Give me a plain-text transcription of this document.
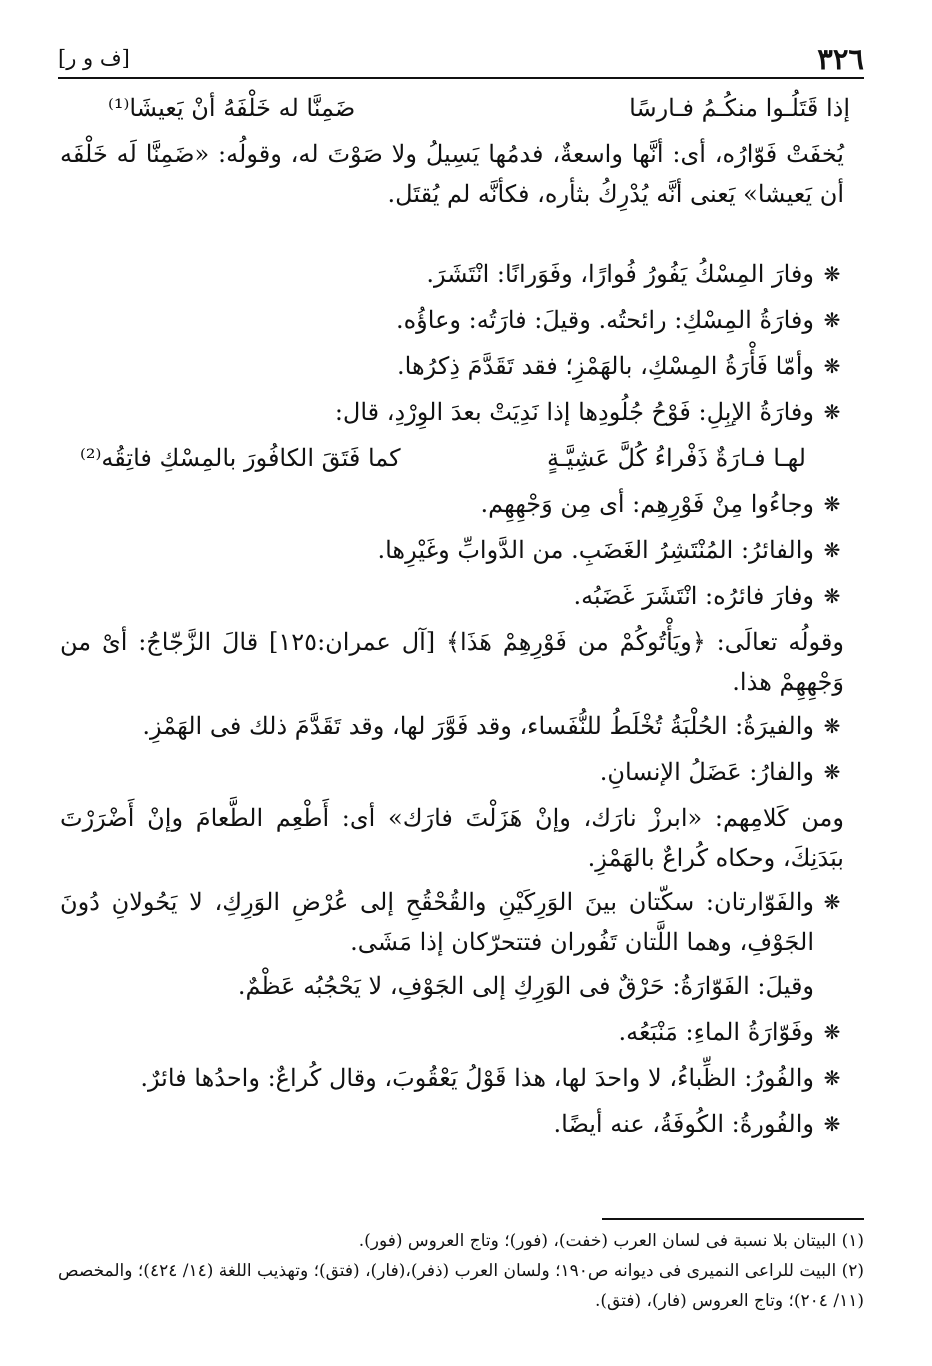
٣٢٦
[ف و ر]
إذا قَتَلُـوا منكُـمُ فـارسًا
ضَمِنَّا له خَلْفَهُ أنْ يَعيشَا⁽¹⁾

يُخفَتْ فَوّارُه، أى: أنَّها واسعةٌ، فدمُها يَسِيلُ ولا صَوْتَ له، وقولُه: «ضَمِنَّا لَه خَلْفَه أن يَعيشا» يَعنى أنَّه يُدْرِكُ بثأره، فكأنَّه لم يُقتَل.

❋
وفارَ المِسْكُ يَفُورُ فُوارًا، وفَوَرانًا: انْتَشَرَ.
❋
وفارَةُ المِسْكِ: رائحتُه. وقيلَ: فارَتُه: وعاؤُه.
❋
وأمّا فَأْرَةُ المِسْكِ، بالهَمْزِ؛ فقد تَقَدَّمَ ذِكرُها.
❋
وفارَةُ الإبِلِ: فَوْحُ جُلُودِها إذا نَدِيَتْ بعدَ الوِرْدِ، قال:
لهـا فـارَةٌ ذَفْراءُ كُلَّ عَشِيَّـةٍ
كما فَتَقَ الكافُورَ بالمِسْكِ فاتِقُه⁽²⁾
❋
وجاءُوا مِنْ فَوْرِهِم: أى مِن وَجْهِهِم.
❋
والفائرُ: المُنْتَشِرُ الغَضَبِ. من الدَّوابِّ وغَيْرِها.
❋
وفارَ فائرُه: انْتَشَرَ غَضَبُه.

وقولُه تعالَى: ﴿ويَأْتُوكُمْ من فَوْرِهِمْ هَذَا﴾ [آل عمران:١٢٥] قالَ الزَّجّاجُ: أىْ من وَجْهِهِمْ هذا.

❋
والفيرَةُ: الحُلْبَةُ تُخْلَطُ للنُّفَساء، وقد فَوَّرَ لها، وقد تَقَدَّمَ ذلك فى الهَمْزِ.
❋
والفارُ: عَضَلُ الإنسانِ.

ومن كَلامِهم: «ابرزْ نارَك، وإنْ هَزَلْتَ فارَك» أى: أَطْعِم الطَّعامَ وإنْ أَضْرَرْتَ ببَدَنِكَ، وحكاه كُراعٌ بالهَمْزِ.

❋

والفَوّارتان: سكّتان بينَ الوَرِكَيْنِ والقُحْقُحِ إلى عُرْضِ الوَرِكِ، لا يَحُولانِ دُونَ الجَوْفِ، وهما اللَّتان تَفُوران فتتحرّكان إذا مَشَى.

وقيلَ: الفَوّارَةُ: حَرْقٌ فى الوَرِكِ إلى الجَوْفِ، لا يَحْجُبُه عَظْمٌ.
❋
وفَوّارَةُ الماءِ: مَنْبَعُه.
❋
والفُورُ: الظِّباءُ، لا واحدَ لها، هذا قَوْلُ يَعْقُوبَ، وقال كُراعٌ: واحدُها فائرٌ.
❋
والفُورةُ: الكُوفَةُ، عنه أيضًا.

(١) البيتان بلا نسبة فى لسان العرب (خفت)، (فور)؛ وتاج العروس (فور).

(٢) البيت للراعى النميرى فى ديوانه ص١٩٠؛ ولسان العرب (ذفر)،(فار)، (فتق)؛ وتهذيب اللغة (١٤/ ٤٢٤)؛ والمخصص (١١/ ٢٠٤)؛ وتاج العروس (فار)، (فتق).
